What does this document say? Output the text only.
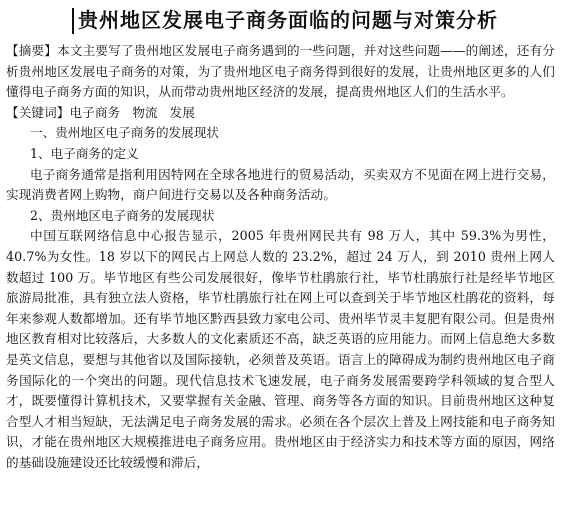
贵州地区发展电子商务面临的问题与对策分析

【摘要】本文主要写了贵州地区发展电子商务遇到的一些问题，并对这些问题——的阐述，还有分析贵州地区发展电子商务的对策，为了贵州地区电子商务得到很好的发展，让贵州地区更多的人们懂得电子商务方面的知识，从而带动贵州地区经济的发展，提高贵州地区人们的生活水平。

【关键词】电子商务 物流 发展

一、贵州地区电子商务的发展现状

1、电子商务的定义

电子商务通常是指利用因特网在全球各地进行的贸易活动，买卖双方不见面在网上进行交易，实现消费者网上购物，商户间进行交易以及各种商务活动。

2、贵州地区电子商务的发展现状

中国互联网络信息中心报告显示，2005 年贵州网民共有 98 万人，其中 59.3%为男性，40.7%为女性。18 岁以下的网民占上网总人数的 23.2%，超过 24 万人，到 2010 贵州上网人数超过 100 万。毕节地区有些公司发展很好，像毕节杜鹃旅行社，毕节杜鹃旅行社是经毕节地区旅游局批准，具有独立法人资格，毕节杜鹃旅行社在网上可以查到关于毕节地区杜鹃花的资料，每年来参观人数都增加。还有毕节地区黔西县致力家电公司、贵州毕节灵丰复肥有限公司。但是贵州地区教育相对比较落后，大多数人的文化素质还不高，缺乏英语的应用能力。而网上信息绝大多数是英文信息，要想与其他省以及国际接轨，必须普及英语。语言上的障碍成为制约贵州地区电子商务国际化的一个突出的问题。现代信息技术飞速发展，电子商务发展需要跨学科领域的复合型人才，既要懂得计算机技术，又要掌握有关金融、管理、商务等各方面的知识。目前贵州地区这种复合型人才相当短缺，无法满足电子商务发展的需求。必须在各个层次上普及上网技能和电子商务知识，才能在贵州地区大规模推进电子商务应用。贵州地区由于经济实力和技术等方面的原因，网络的基础设施建设还比较缓慢和滞后，
